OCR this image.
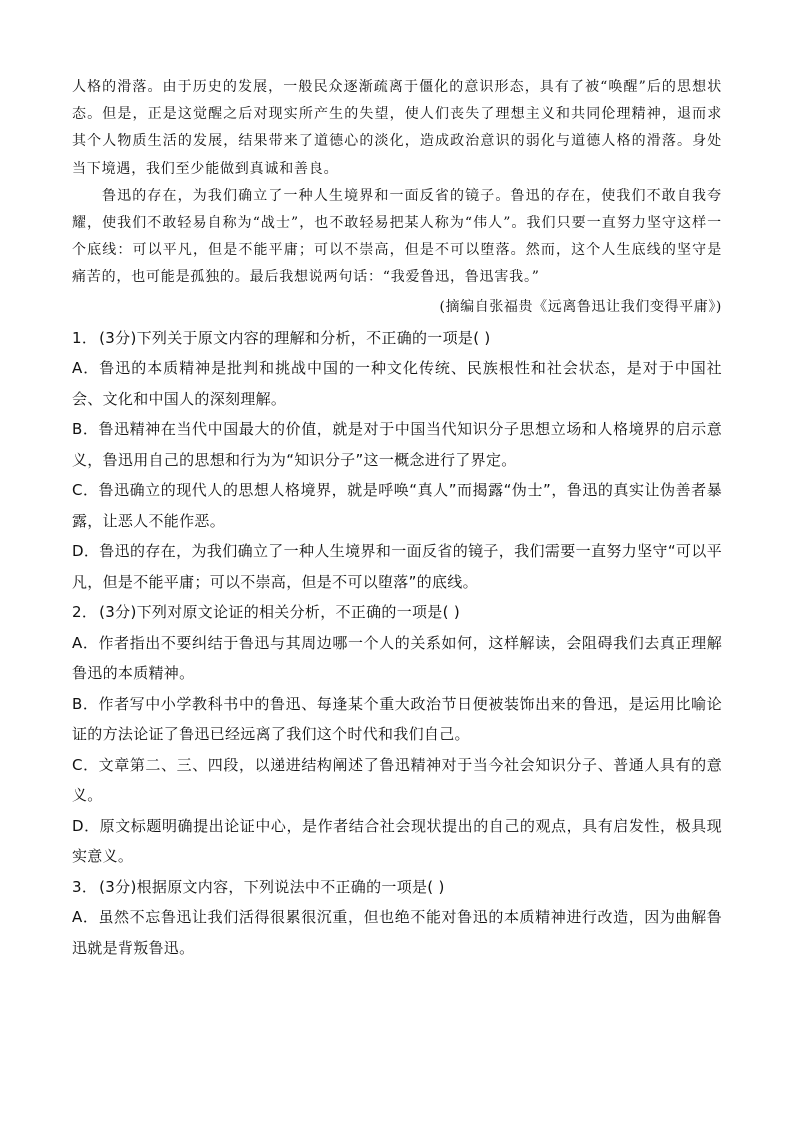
人格的滑落。由于历史的发展，一般民众逐渐疏离于僵化的意识形态，具有了被“唤醒”后的思想状态。但是，正是这觉醒之后对现实所产生的失望，使人们丧失了理想主义和共同伦理精神，退而求其个人物质生活的发展，结果带来了道德心的淡化，造成政治意识的弱化与道德人格的滑落。身处当下境遇，我们至少能做到真诚和善良。

鲁迅的存在，为我们确立了一种人生境界和一面反省的镜子。鲁迅的存在，使我们不敢自我夸耀，使我们不敢轻易自称为“战士”，也不敢轻易把某人称为“伟人”。我们只要一直努力坚守这样一个底线：可以平凡，但是不能平庸；可以不崇高，但是不可以堕落。然而，这个人生底线的坚守是痛苦的，也可能是孤独的。最后我想说两句话：“我爱鲁迅，鲁迅害我。”

(摘编自张福贵《远离鲁迅让我们变得平庸》)

1． (3分)下列关于原文内容的理解和分析，不正确的一项是( )

A．鲁迅的本质精神是批判和挑战中国的一种文化传统、民族根性和社会状态，是对于中国社会、文化和中国人的深刻理解。

B．鲁迅精神在当代中国最大的价值，就是对于中国当代知识分子思想立场和人格境界的启示意义，鲁迅用自己的思想和行为为“知识分子”这一概念进行了界定。

C．鲁迅确立的现代人的思想人格境界，就是呼唤“真人”而揭露“伪士”，鲁迅的真实让伪善者暴露，让恶人不能作恶。

D．鲁迅的存在，为我们确立了一种人生境界和一面反省的镜子，我们需要一直努力坚守“可以平凡，但是不能平庸；可以不崇高，但是不可以堕落”的底线。

2． (3分)下列对原文论证的相关分析，不正确的一项是( )

A．作者指出不要纠结于鲁迅与其周边哪一个人的关系如何，这样解读，会阻碍我们去真正理解鲁迅的本质精神。

B．作者写中小学教科书中的鲁迅、每逢某个重大政治节日便被装饰出来的鲁迅，是运用比喻论证的方法论证了鲁迅已经远离了我们这个时代和我们自己。

C．文章第二、三、四段，以递进结构阐述了鲁迅精神对于当今社会知识分子、普通人具有的意义。

D．原文标题明确提出论证中心，是作者结合社会现状提出的自己的观点，具有启发性，极具现实意义。

3． (3分)根据原文内容，下列说法中不正确的一项是( )

A．虽然不忘鲁迅让我们活得很累很沉重，但也绝不能对鲁迅的本质精神进行改造，因为曲解鲁迅就是背叛鲁迅。
